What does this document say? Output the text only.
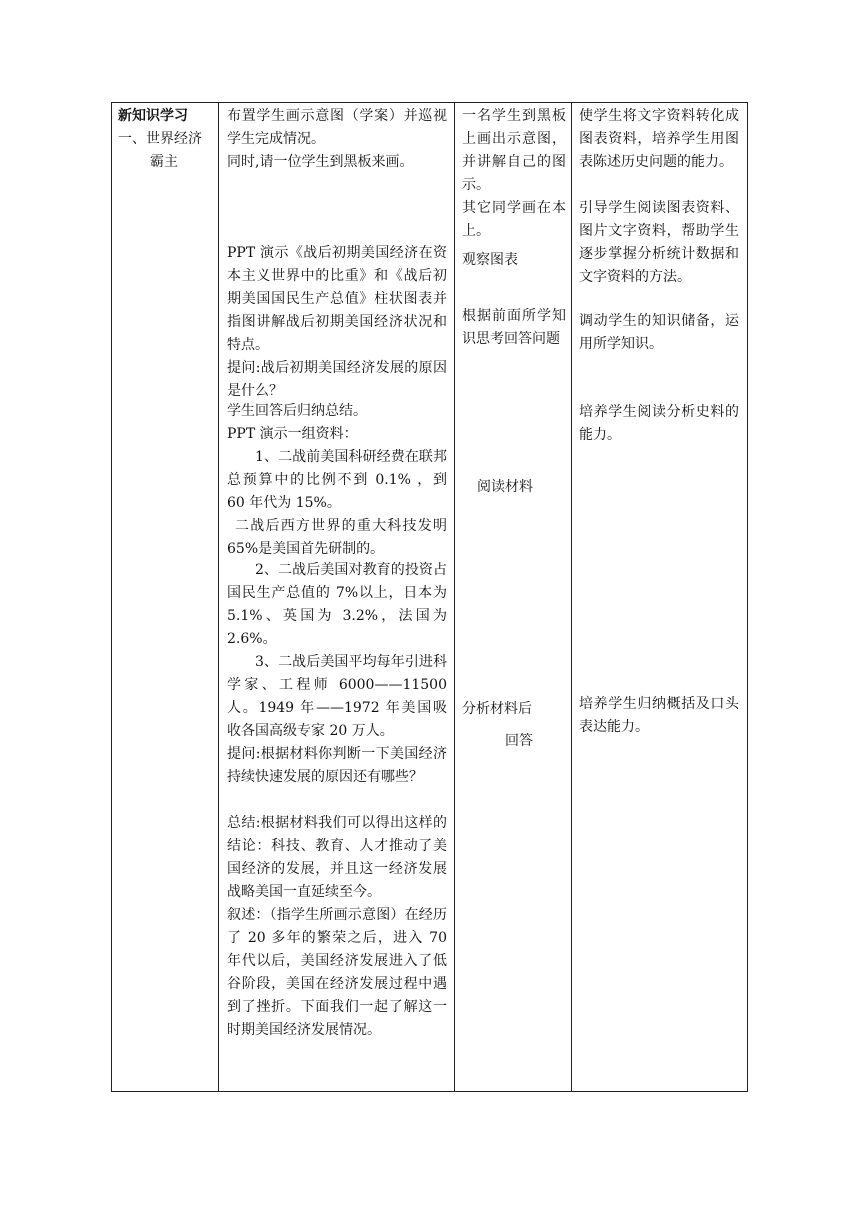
新知识学习

一、世界经济

霸主

布置学生画示意图（学案）并巡视学生完成情况。

同时,请一位学生到黑板来画。

PPT 演示《战后初期美国经济在资本主义世界中的比重》和《战后初期美国国民生产总值》柱状图表并指图讲解战后初期美国经济状况和特点。

提问:战后初期美国经济发展的原因是什么？

学生回答后归纳总结。

PPT 演示一组资料：

1、二战前美国科研经费在联邦总预算中的比例不到 0.1% ，到 60 年代为 15%。

二战后西方世界的重大科技发明 65%是美国首先研制的。

2、二战后美国对教育的投资占国民生产总值的 7%以上，日本为 5.1%、英国为 3.2%，法国为 2.6%。

3、二战后美国平均每年引进科学家、工程师 6000——11500 人。1949 年——1972 年美国吸收各国高级专家 20 万人。

提问:根据材料你判断一下美国经济持续快速发展的原因还有哪些？

总结:根据材料我们可以得出这样的结论：科技、教育、人才推动了美国经济的发展，并且这一经济发展战略美国一直延续至今。

叙述：（指学生所画示意图）在经历了 20 多年的繁荣之后，进入 70 年代以后，美国经济发展进入了低谷阶段，美国在经济发展过程中遇到了挫折。下面我们一起了解这一时期美国经济发展情况。

一名学生到黑板上画出示意图，并讲解自己的图示。

其它同学画在本上。

观察图表

根据前面所学知识思考回答问题

阅读材料

分析材料后

回答

使学生将文字资料转化成图表资料，培养学生用图表陈述历史问题的能力。

引导学生阅读图表资料、图片文字资料，帮助学生逐步掌握分析统计数据和文字资料的方法。

调动学生的知识储备，运用所学知识。

培养学生阅读分析史料的能力。

培养学生归纳概括及口头表达能力。
